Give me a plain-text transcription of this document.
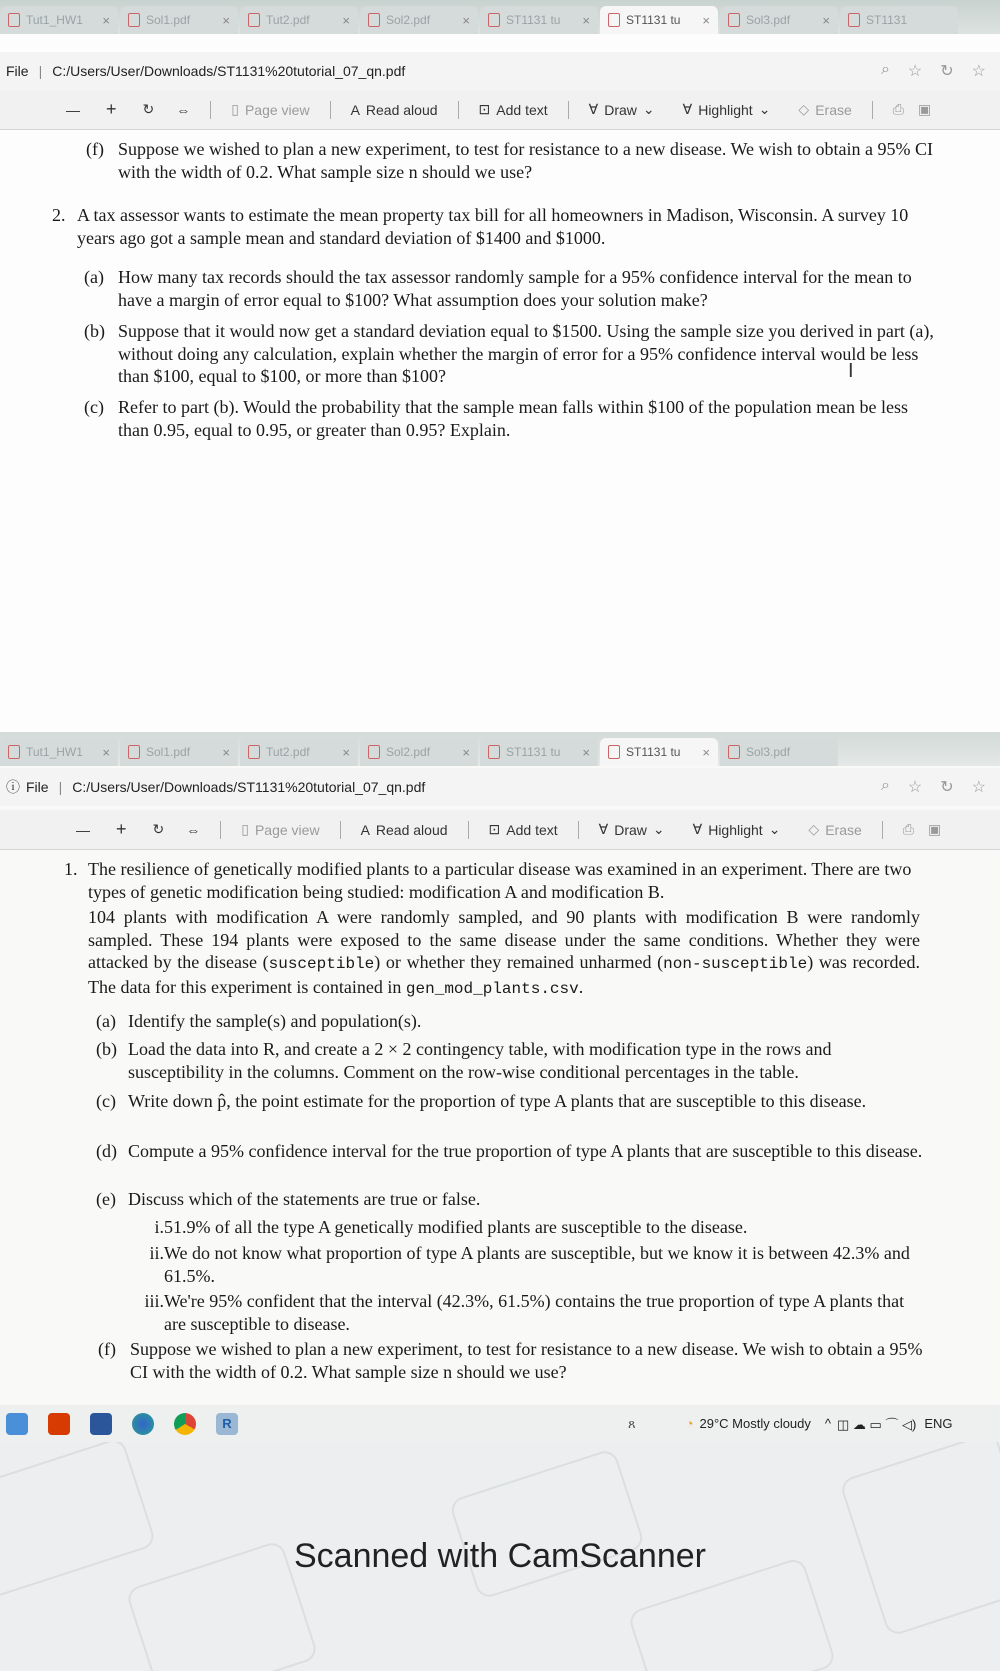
Tut1_HW1 ×	Sol1.pdf ×	Tut2.pdf	×	Sol2.pdf ×	ST1131 tu ×	ST1131 tu ×	Sol3.pdf ×	ST1131
File | C:/Users/User/Downloads/ST1131%20tutorial_07_qn.pdf	⌕ ☆ ↻ ☆
— + ↻ ⇔	▯ Page view	A Read aloud	⊡ Add text	∀ Draw ⌄ ∀ Highlight ⌄ ◇ Erase	⎙ ▣
(f) Suppose we wished to plan a new experiment, to test for resistance to a new disease. We wish to obtain a 95% CI with the width of 0.2. What sample size n should we use?
2. A tax assessor wants to estimate the mean property tax bill for all homeowners in Madison, Wisconsin. A survey 10 years ago got a sample mean and standard deviation of $1400 and $1000.
(a) How many tax records should the tax assessor randomly sample for a 95% confidence interval for the mean to have a margin of error equal to $100? What assumption does your solution make?
(b) Suppose that it would now get a standard deviation equal to $1500. Using the sample size you derived in part (a), without doing any calculation, explain whether the margin of error for a 95% confidence interval would be less than $100, equal to $100, or more than $100?
(c) Refer to part (b). Would the probability that the sample mean falls within $100 of the population mean be less than 0.95, equal to 0.95, or greater than 0.95? Explain.
I
Tut1_HW1 ×	Sol1.pdf ×	Tut2.pdf	×	Sol2.pdf ×	ST1131 tu ×	ST1131 tu ×	Sol3.pdf
ⓘ File | C:/Users/User/Downloads/ST1131%20tutorial_07_qn.pdf	⌕ ☆ ↻ ☆
— + ↻ ⇔	▯ Page view	A Read aloud	⊡ Add text	∀ Draw ⌄ ∀ Highlight ⌄ ◇ Erase	⎙ ▣
1. The resilience of genetically modified plants to a particular disease was examined in an experiment. There are two types of genetic modification being studied: modification A and modification B.
104 plants with modification A were randomly sampled, and 90 plants with modification B were randomly sampled. These 194 plants were exposed to the same disease under the same conditions. Whether they were attacked by the disease (susceptible) or whether they remained unharmed (non-susceptible) was recorded. The data for this experiment is contained in gen_mod_plants.csv.
(a) Identify the sample(s) and population(s).
(b) Load the data into R, and create a 2 × 2 contingency table, with modification type in the rows and susceptibility in the columns. Comment on the row-wise conditional percentages in the table.
(c) Write down p̂, the point estimate for the proportion of type A plants that are susceptible to this disease.
(d) Compute a 95% confidence interval for the true proportion of type A plants that are susceptible to this disease.
(e) Discuss which of the statements are true or false.
i. 51.9% of all the type A genetically modified plants are susceptible to the disease.
ii. We do not know what proportion of type A plants are susceptible, but we know it is between 42.3% and 61.5%.
iii. We're 95% confident that the interval (42.3%, 61.5%) contains the true proportion of type A plants that are susceptible to disease.
(f) Suppose we wished to plan a new experiment, to test for resistance to a new disease. We wish to obtain a 95% CI with the width of 0.2. What sample size n should we use?
R	ጸ	◔ 29°C Mostly cloudy ^ ◫ ☁ ▭ ⌒ ◁) ENG
Scanned with CamScanner
